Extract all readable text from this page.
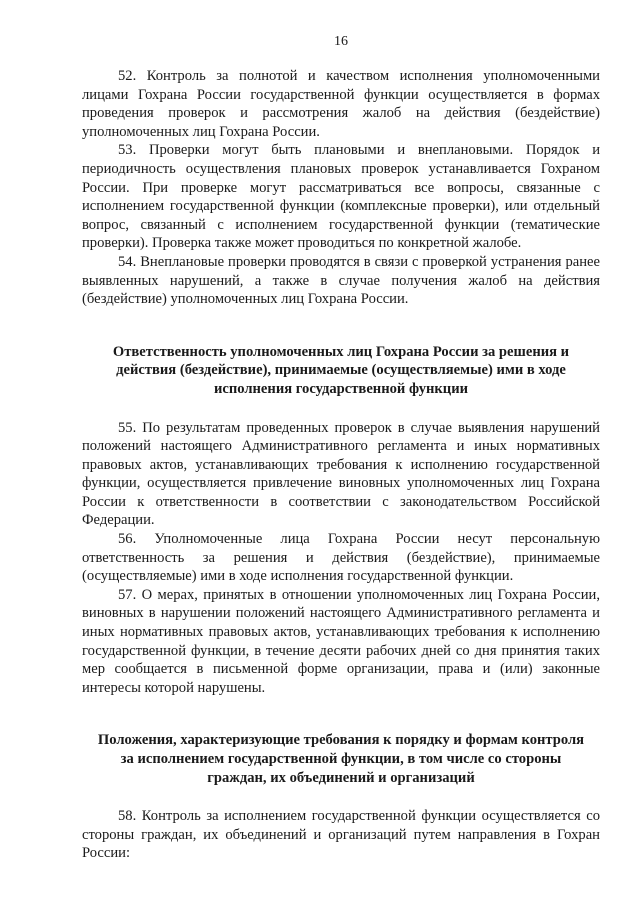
16

52. Контроль за полнотой и качеством исполнения уполномоченными лицами Гохрана России государственной функции осуществляется в формах проведения проверок и рассмотрения жалоб на действия (бездействие) уполномоченных лиц Гохрана России.

53. Проверки могут быть плановыми и внеплановыми. Порядок и периодичность осуществления плановых проверок устанавливается Гохраном России. При проверке могут рассматриваться все вопросы, связанные с исполнением государственной функции (комплексные проверки), или отдельный вопрос, связанный с исполнением государственной функции (тематические проверки). Проверка также может проводиться по конкретной жалобе.

54. Внеплановые проверки проводятся в связи с проверкой устранения ранее выявленных нарушений, а также в случае получения жалоб на действия (бездействие) уполномоченных лиц Гохрана России.

Ответственность уполномоченных лиц Гохрана России за решения и действия (бездействие), принимаемые (осуществляемые) ими в ходе исполнения государственной функции

55. По результатам проведенных проверок в случае выявления нарушений положений настоящего Административного регламента и иных нормативных правовых актов, устанавливающих требования к исполнению государственной функции, осуществляется привлечение виновных уполномоченных лиц Гохрана России к ответственности в соответствии с законодательством Российской Федерации.

56. Уполномоченные лица Гохрана России несут персональную ответственность за решения и действия (бездействие), принимаемые (осуществляемые) ими в ходе исполнения государственной функции.

57. О мерах, принятых в отношении уполномоченных лиц Гохрана России, виновных в нарушении положений настоящего Административного регламента и иных нормативных правовых актов, устанавливающих требования к исполнению государственной функции, в течение десяти рабочих дней со дня принятия таких мер сообщается в письменной форме организации, права и (или) законные интересы которой нарушены.

Положения, характеризующие требования к порядку и формам контроля за исполнением государственной функции, в том числе со стороны граждан, их объединений и организаций

58. Контроль за исполнением государственной функции осуществляется со стороны граждан, их объединений и организаций путем направления в Гохран России:
